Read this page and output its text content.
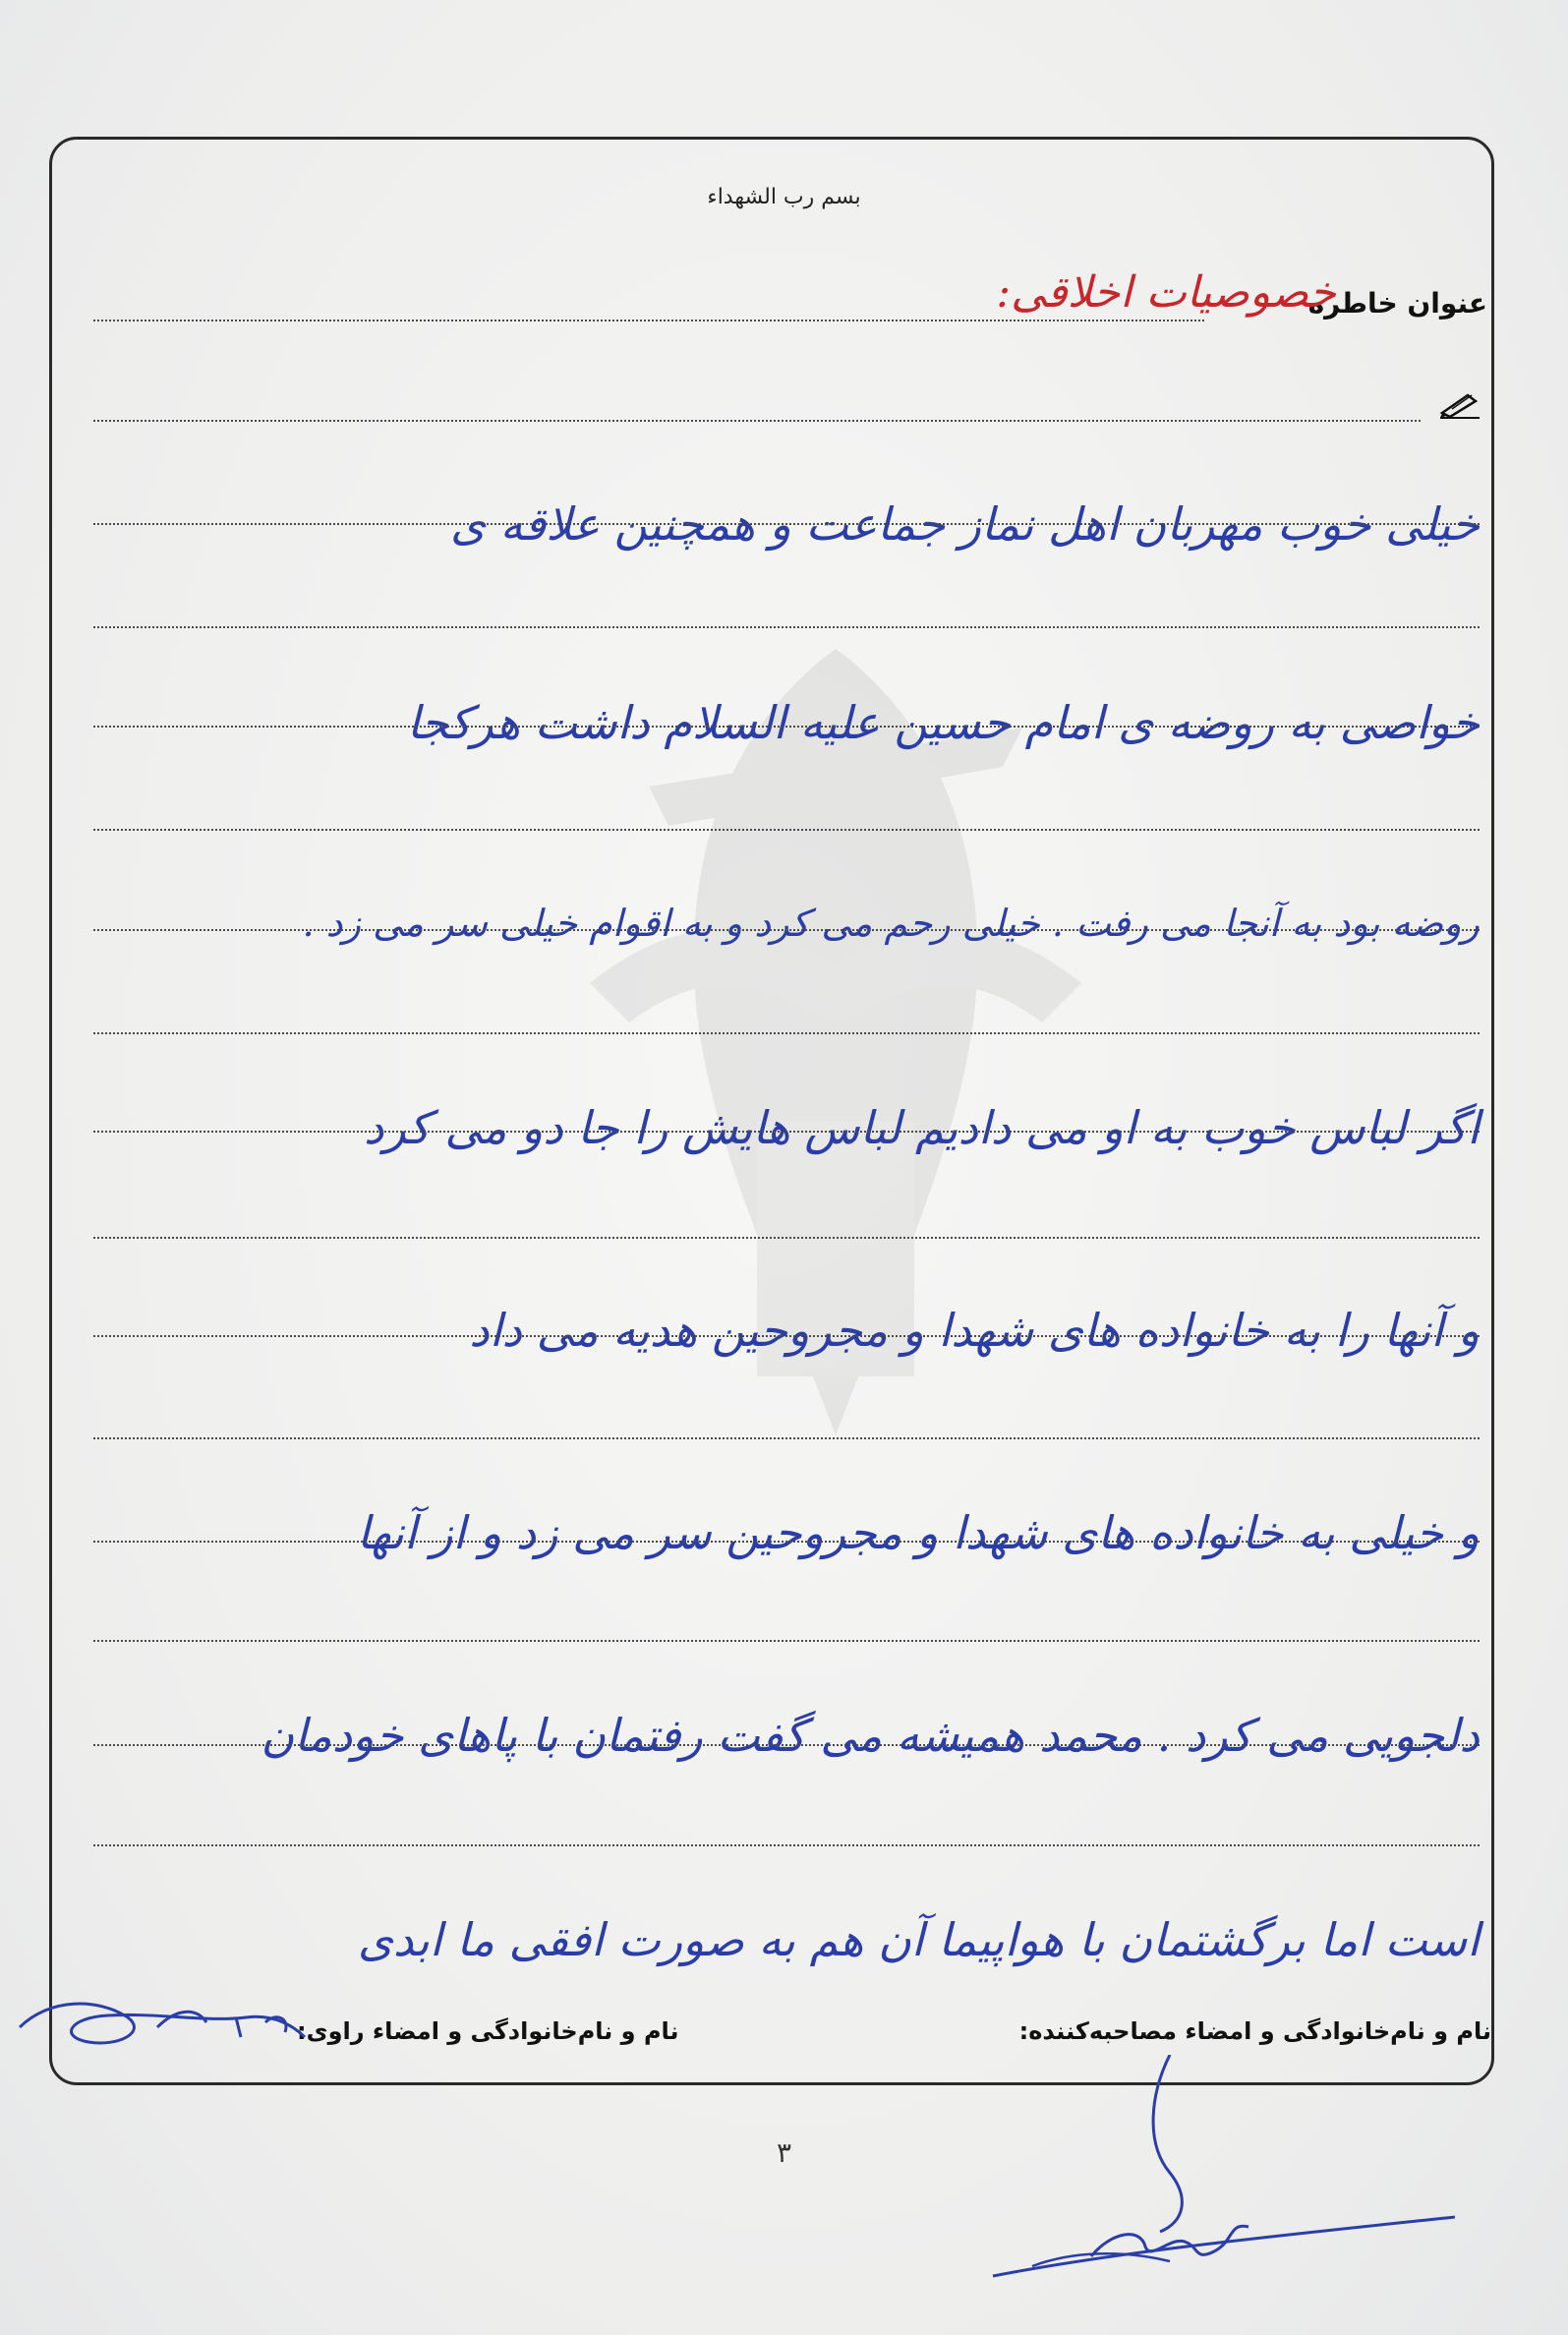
بسم رب الشهداء
عنوان خاطره
خصوصیات اخلاقی:
خیلی خوب مهربان اهل نماز جماعت و همچنین علاقه ی
خواصی به روضه ی امام حسین علیه السلام داشت هرکجا
روضه بود به آنجا می رفت . خیلی رحم می کرد و به اقوام خیلی سر می زد .
اگر لباس خوب به او می دادیم لباس هایش را جا دو می کرد
و آنها را به خانواده های شهدا و مجروحین هدیه می داد
و خیلی به خانواده های شهدا و مجروحین سر می زد و از آنها
دلجویی می کرد . محمد همیشه می گفت رفتمان با پاهای خودمان
است اما برگشتمان با هواپیما آن هم به صورت افقی ما ابدی
نام و نام‌خانوادگی و امضاء مصاحبه‌کننده:
نام و نام‌خانوادگی و امضاء راوی:
۳
